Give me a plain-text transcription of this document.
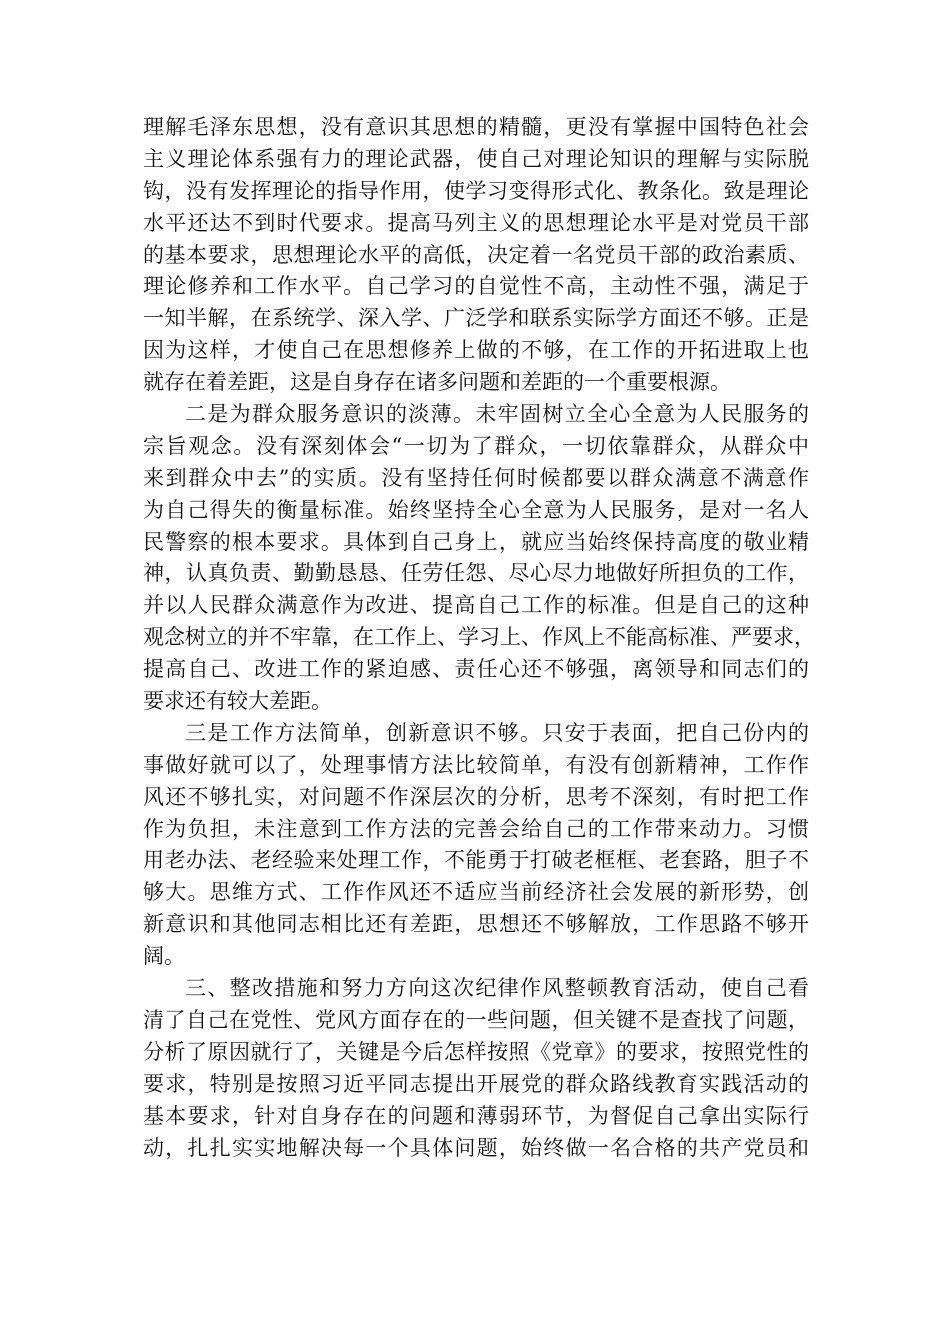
理解毛泽东思想，没有意识其思想的精髓，更没有掌握中国特色社会
主义理论体系强有力的理论武器，使自己对理论知识的理解与实际脱
钩，没有发挥理论的指导作用，使学习变得形式化、教条化。致是理论
水平还达不到时代要求。提高马列主义的思想理论水平是对党员干部
的基本要求，思想理论水平的高低，决定着一名党员干部的政治素质、
理论修养和工作水平。自己学习的自觉性不高，主动性不强，满足于
一知半解，在系统学、深入学、广泛学和联系实际学方面还不够。正是
因为这样，才使自己在思想修养上做的不够，在工作的开拓进取上也
就存在着差距，这是自身存在诸多问题和差距的一个重要根源。
二是为群众服务意识的淡薄。未牢固树立全心全意为人民服务的
宗旨观念。没有深刻体会“一切为了群众，一切依靠群众，从群众中
来到群众中去”的实质。没有坚持任何时候都要以群众满意不满意作
为自己得失的衡量标准。始终坚持全心全意为人民服务，是对一名人
民警察的根本要求。具体到自己身上，就应当始终保持高度的敬业精
神，认真负责、勤勤恳恳、任劳任怨、尽心尽力地做好所担负的工作，
并以人民群众满意作为改进、提高自己工作的标准。但是自己的这种
观念树立的并不牢靠，在工作上、学习上、作风上不能高标准、严要求，
提高自己、改进工作的紧迫感、责任心还不够强，离领导和同志们的
要求还有较大差距。
三是工作方法简单，创新意识不够。只安于表面，把自己份内的
事做好就可以了，处理事情方法比较简单，有没有创新精神，工作作
风还不够扎实，对问题不作深层次的分析，思考不深刻，有时把工作
作为负担，未注意到工作方法的完善会给自己的工作带来动力。习惯
用老办法、老经验来处理工作，不能勇于打破老框框、老套路，胆子不
够大。思维方式、工作作风还不适应当前经济社会发展的新形势，创
新意识和其他同志相比还有差距，思想还不够解放，工作思路不够开
阔。
三、整改措施和努力方向这次纪律作风整顿教育活动，使自己看
清了自己在党性、党风方面存在的一些问题，但关键不是查找了问题，
分析了原因就行了，关键是今后怎样按照《党章》的要求，按照党性的
要求，特别是按照习近平同志提出开展党的群众路线教育实践活动的
基本要求，针对自身存在的问题和薄弱环节，为督促自己拿出实际行
动，扎扎实实地解决每一个具体问题，始终做一名合格的共产党员和
